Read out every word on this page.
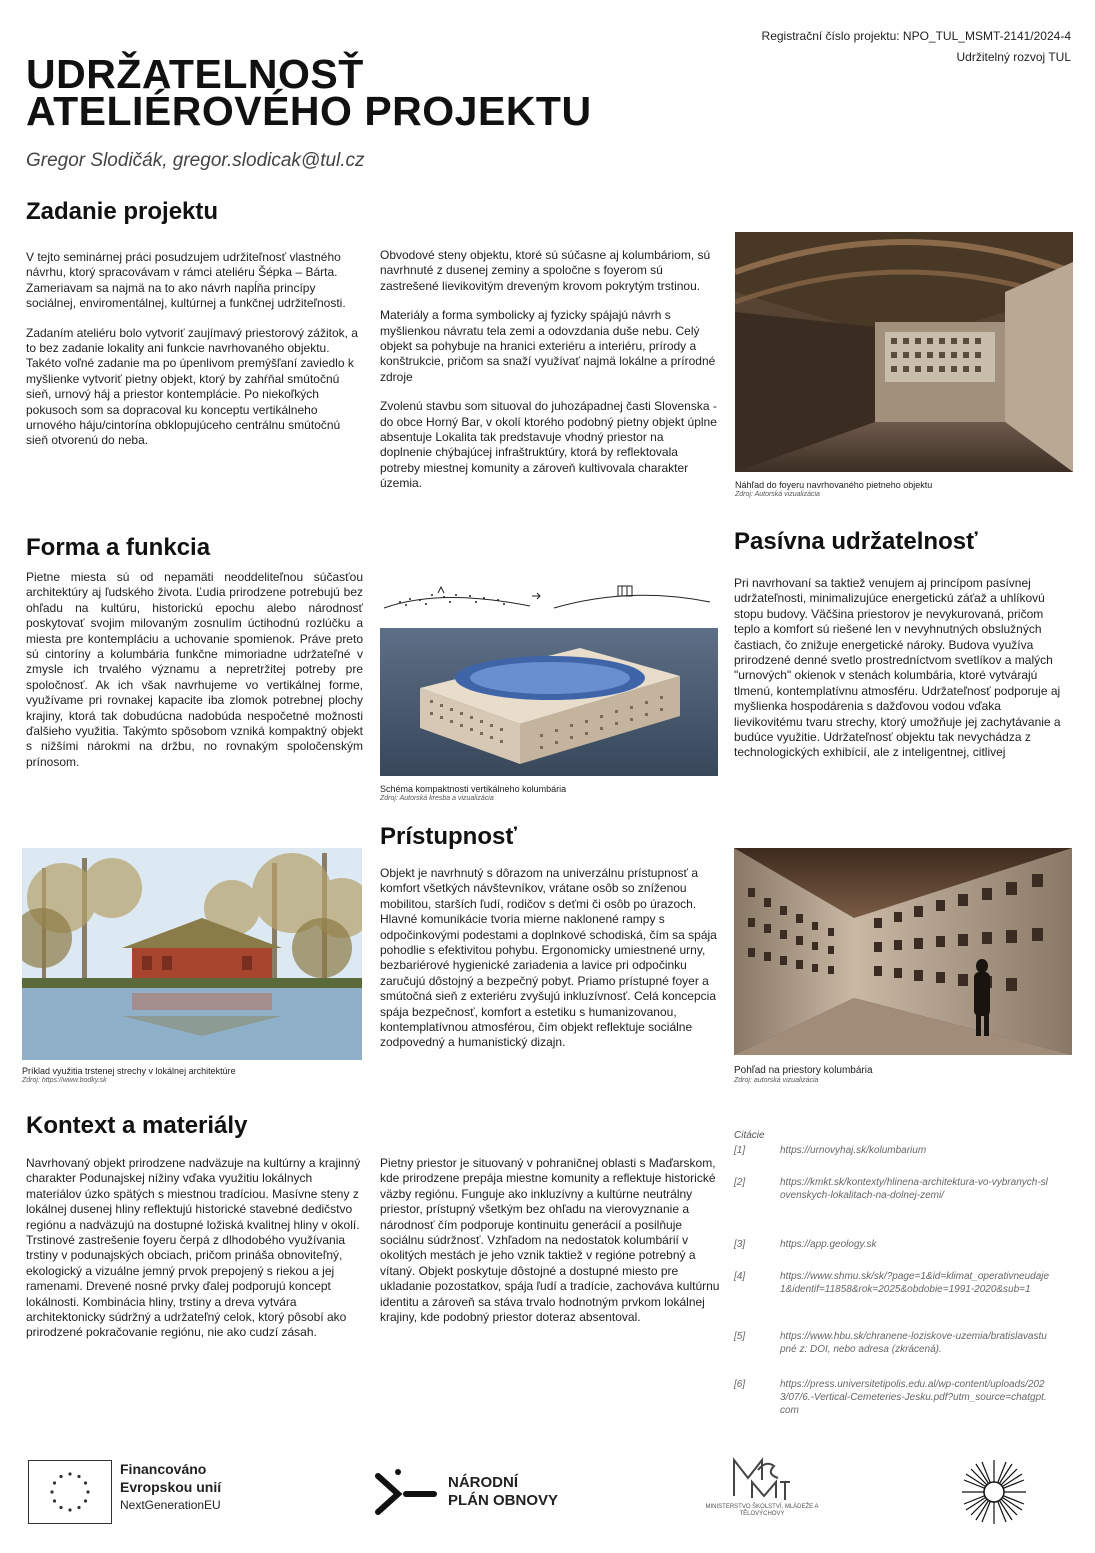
Registrační číslo projektu: NPO_TUL_MSMT-2141/2024-4
Udržitelný rozvoj TUL
UDRŽATELNOSŤ
ATELIÉROVÉHO PROJEKTU
Gregor Slodičák, gregor.slodicak@tul.cz
Zadanie projektu

V tejto seminárnej práci posudzujem udržiteľnosť vlastného návrhu, ktorý spracovávam v rámci ateliéru Šépka – Bárta. Zameriavam sa najmä na to ako návrh napĺňa princípy sociálnej, enviromentálnej, kultúrnej a funkčnej udržiteľnosti.

Zadaním ateliéru bolo vytvoriť zaujímavý priestorový zážitok, a to bez zadanie lokality ani funkcie navrhovaného objektu. Takéto voľné zadanie ma po úpenlivom premýšľaní zaviedlo k myšlienke vytvoriť pietny objekt, ktorý by zahŕňal smútočnú sieň, urnový háj a priestor kontemplácie. Po niekoľkých pokusoch som sa dopracoval ku konceptu vertikálneho urnového háju/cintorína obklopujúceho centrálnu smútočnú sieň otvorenú do neba.

Obvodové steny objektu, ktoré sú súčasne aj kolumbáriom, sú navrhnuté z dusenej zeminy a spoločne s foyerom sú zastrešené lievikovitým dreveným krovom pokrytým trstinou.

Materiály a forma symbolicky aj fyzicky spájajú návrh s myšlienkou návratu tela zemi a odovzdania duše nebu. Celý objekt sa pohybuje na hranici exteriéru a interiéru, prírody a konštrukcie, pričom sa snaží využívať najmä lokálne a prírodné zdroje

Zvolenú stavbu som situoval do juhozápadnej časti Slovenska - do obce Horný Bar, v okolí ktorého podobný pietny objekt úplne absentuje Lokalita tak predstavuje vhodný priestor na doplnenie chýbajúcej infraštruktúry, ktorá by reflektovala potreby miestnej komunity a zároveň kultivovala charakter územia.	Náhľad do foyeru navrhovaného pietneho objektu
Zdroj: Autorská vizualizácia
Forma a funkcia

Pietne miesta sú od nepamäti neoddeliteľnou súčasťou architektúry aj ľudského života. Ľudia prirodzene potrebujú bez ohľadu na kultúru, historickú epochu alebo národnosť poskytovať svojim milovaným zosnulím úctihodnú rozlúčku a miesta pre kontempláciu a uchovanie spomienok. Práve preto sú cintoríny a kolumbária funkčne mimoriadne udržateľné v zmysle ich trvalého významu a nepretržitej potreby pre spoločnosť. Ak ich však navrhujeme vo vertikálnej forme, využívame pri rovnakej kapacite iba zlomok potrebnej plochy krajiny, ktorá tak dobudúcna nadobúda nespočetné možnosti ďalšieho využitia. Takýmto spôsobom vzniká kompaktný objekt s nižšími nárokmi na držbu, no rovnakým spoločenským prínosom.

Schéma kompaktnosti vertikálneho kolumbária
Zdroj: Autorská kresba a vizualizácia
Pasívna udržatelnosť

Pri navrhovaní sa taktiež venujem aj princípom pasívnej udržateľnosti, minimalizujúce energetickú záťaž a uhlíkovú stopu budovy. Väčšina priestorov je nevykurovaná, pričom teplo a komfort sú riešené len v nevyhnutných obslužných častiach, čo znižuje energetické nároky. Budova využíva prirodzené denné svetlo prostredníctvom svetlíkov a malých "urnových" okienok v stenách kolumbária, ktoré vytvárajú tlmenú, kontemplatívnu atmosféru. Udržateľnosť podporuje aj myšlienka hospodárenia s dažďovou vodou vďaka lievikovitému tvaru strechy, ktorý umožňuje jej zachytávanie a budúce využitie. Udržateľnosť objektu tak nevychádza z technologických exhibícií, ale z inteligentnej, citlivej

Príklad využitia trstenej strechy v lokálnej architektúre
Zdroj: https://www.bodky.sk
Prístupnosť

Objekt je navrhnutý s dôrazom na univerzálnu prístupnosť a komfort všetkých návštevníkov, vrátane osôb so zníženou mobilitou, starších ľudí, rodičov s deťmi či osôb po úrazoch. Hlavné komunikácie tvoria mierne naklonené rampy s odpočinkovými podestami a doplnkové schodiská, čím sa spája pohodlie s efektivitou pohybu. Ergonomicky umiestnené urny, bezbariérové hygienické zariadenia a lavice pri odpočinku zaručujú dôstojný a bezpečný pobyt. Priamo prístupné foyer a smútočná sieň z exteriéru zvyšujú inkluzívnosť. Celá koncepcia spája bezpečnosť, komfort a estetiku s humanizovanou, kontemplatívnou atmosférou, čím objekt reflektuje sociálne zodpovedný a humanistický dizajn.

Pohľad na priestory kolumbária
Zdroj: autorská vizualizácia
Kontext a materiály

Navrhovaný objekt prirodzene nadväzuje na kultúrny a krajinný charakter Podunajskej nížiny vďaka využitiu lokálnych materiálov úzko spätých s miestnou tradíciou. Masívne steny z lokálnej dusenej hliny reflektujú historické stavebné dedičstvo regiónu a nadväzujú na dostupné ložiská kvalitnej hliny v okolí. Trstinové zastrešenie foyeru čerpá z dlhodobého využívania trstiny v podunajských obciach, pričom prináša obnoviteľný, ekologický a vizuálne jemný prvok prepojený s riekou a jej ramenami. Drevené nosné prvky ďalej podporujú koncept lokálnosti. Kombinácia hliny, trstiny a dreva vytvára architektonicky súdržný a udržateľný celok, ktorý pôsobí ako prirodzené pokračovanie regiónu, nie ako cudzí zásah.

Pietny priestor je situovaný v pohraničnej oblasti s Maďarskom, kde prirodzene prepája miestne komunity a reflektuje historické väzby regiónu. Funguje ako inkluzívny a kultúrne neutrálny priestor, prístupný všetkým bez ohľadu na vierovyznanie a národnosť čím podporuje kontinuitu generácií a posilňuje sociálnu súdržnosť. Vzhľadom na nedostatok kolumbárií v okolitých mestách je jeho vznik taktiež v regióne potrebný a vítaný. Objekt poskytuje dôstojné a dostupné miesto pre ukladanie pozostatkov, spája ľudí a tradície, zachováva kultúrnu identitu a zároveň sa stáva trvalo hodnotným prvkom lokálnej krajiny, kde podobný priestor doteraz absentoval.

Citácie
[1]	https://urnovyhaj.sk/kolumbarium
[2]	https://kmkt.sk/kontexty/hlinena-architektura-vo-vybranych-slovenskych-lokalitach-na-dolnej-zemi/
[3]	https://app.geology.sk
[4]	https://www.shmu.sk/sk/?page=1&id=klimat_operativneudaje1&identif=11858&rok=2025&obdobie=1991-2020&sub=1
[5]	https://www.hbu.sk/chranene-loziskove-uzemia/bratislavastupné z: DOI, nebo adresa (zkrácená).
[6]	https://press.universitetipolis.edu.al/wp-content/uploads/2023/07/6.-Vertical-Cemeteries-Jesku.pdf?utm_source=chatgpt.com
Financováno
Evropskou unií
NextGenerationEU
NÁRODNÍ
PLÁN OBNOVY	MINISTERSTVO ŠKOLSTVÍ, MLÁDEŽE A TĚLOVÝCHOVY
